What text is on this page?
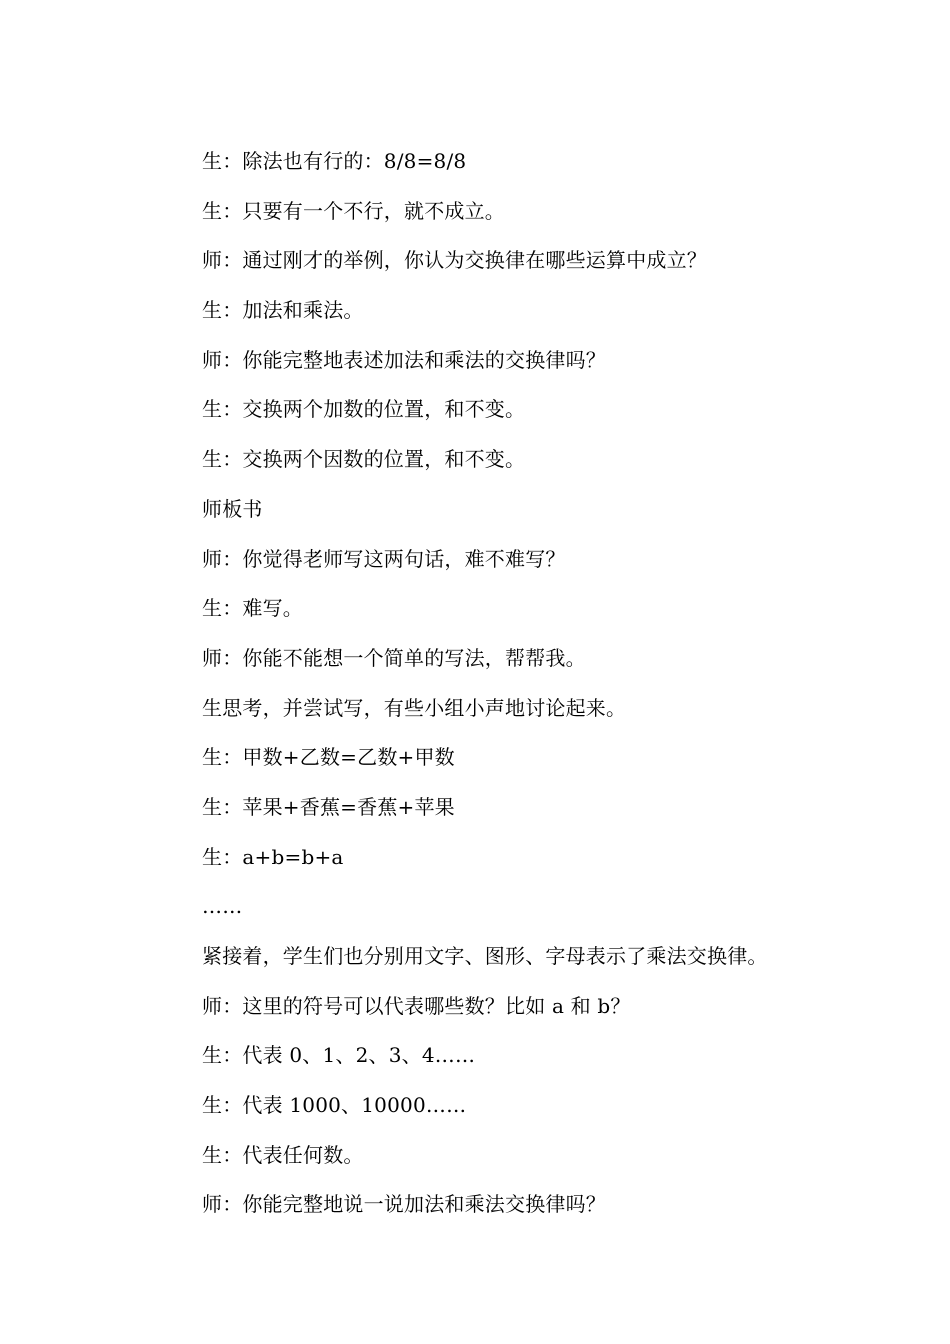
生：除法也有行的：8/8=8/8
生：只要有一个不行，就不成立。
师：通过刚才的举例，你认为交换律在哪些运算中成立？
生：加法和乘法。
师：你能完整地表述加法和乘法的交换律吗？
生：交换两个加数的位置，和不变。
生：交换两个因数的位置，和不变。
师板书
师：你觉得老师写这两句话，难不难写？
生：难写。
师：你能不能想一个简单的写法，帮帮我。
生思考，并尝试写，有些小组小声地讨论起来。
生：甲数+乙数=乙数+甲数
生：苹果+香蕉=香蕉+苹果
生：a+b=b+a
……
紧接着，学生们也分别用文字、图形、字母表示了乘法交换律。
师：这里的符号可以代表哪些数？比如 a 和 b？
生：代表 0、1、2、3、4……
生：代表 1000、10000……
生：代表任何数。
师：你能完整地说一说加法和乘法交换律吗？
